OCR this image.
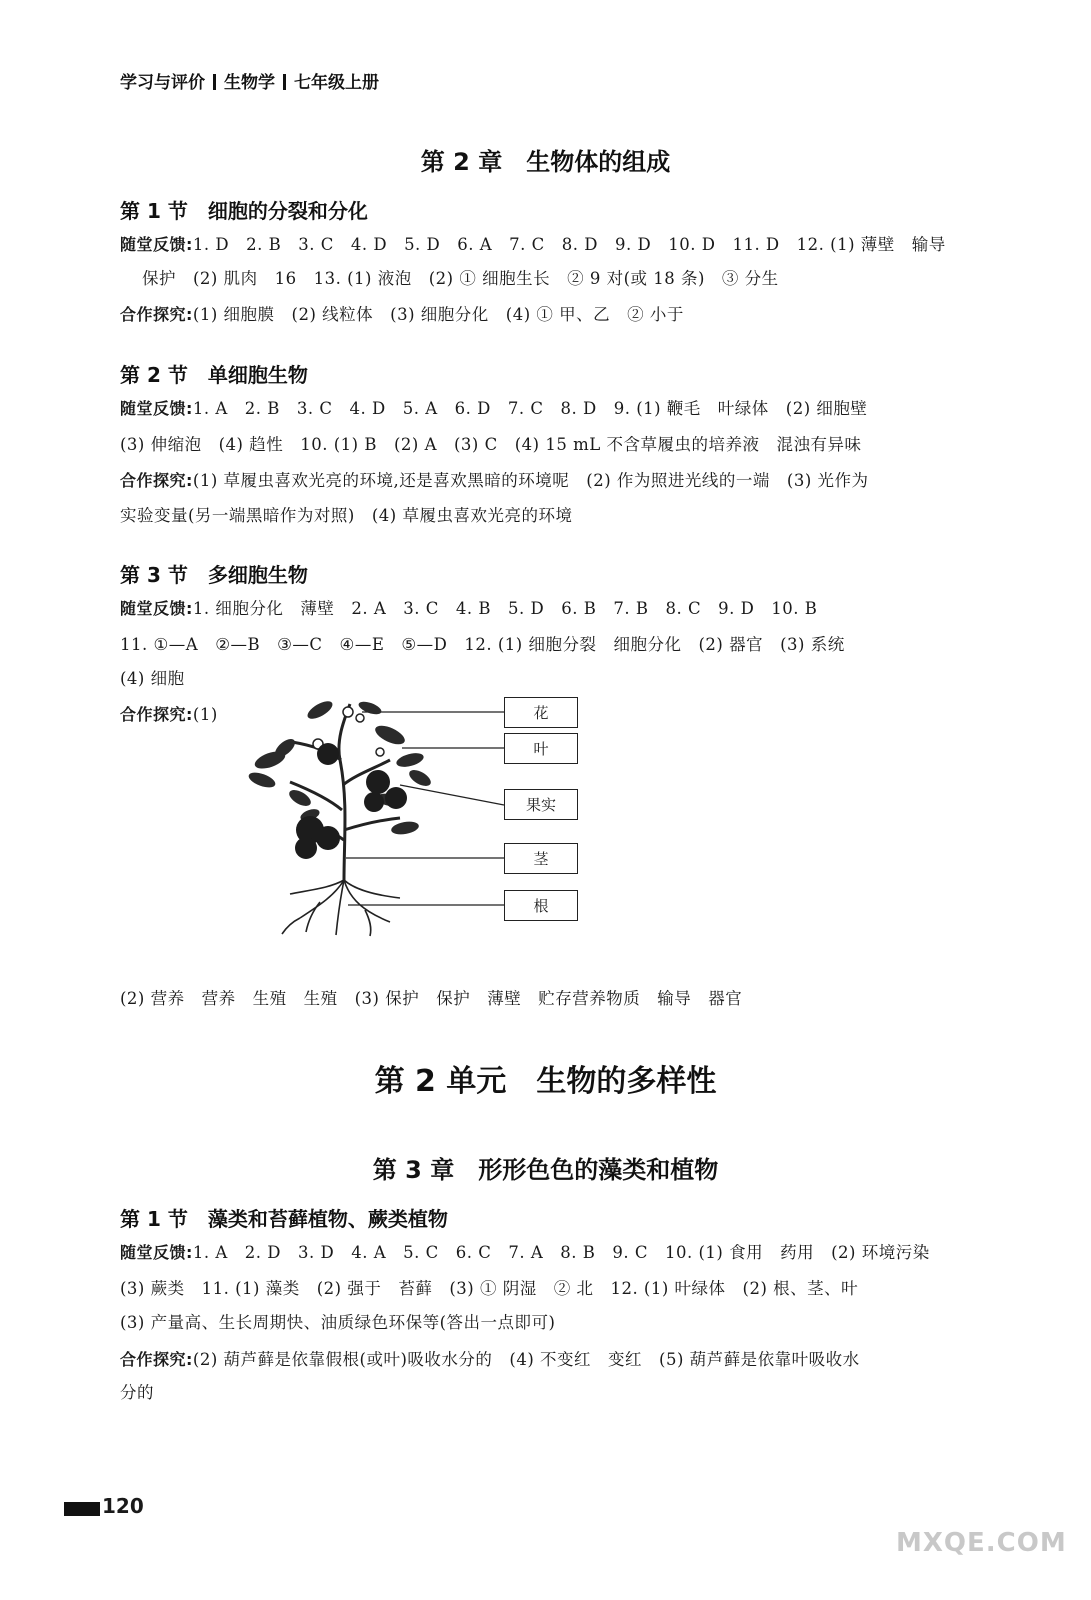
学习与评价 生物学 七年级上册
第 2 章　生物体的组成
第 1 节　细胞的分裂和分化
随堂反馈:1. D　2. B　3. C　4. D　5. D　6. A　7. C　8. D　9. D　10. D　11. D　12. (1) 薄壁　输导
保护　(2) 肌肉　16　13. (1) 液泡　(2) ① 细胞生长　② 9 对(或 18 条)　③ 分生
合作探究:(1) 细胞膜　(2) 线粒体　(3) 细胞分化　(4) ① 甲、乙　② 小于
第 2 节　单细胞生物
随堂反馈:1. A　2. B　3. C　4. D　5. A　6. D　7. C　8. D　9. (1) 鞭毛　叶绿体　(2) 细胞壁
(3) 伸缩泡　(4) 趋性　10. (1) B　(2) A　(3) C　(4) 15 mL 不含草履虫的培养液　混浊有异味
合作探究:(1) 草履虫喜欢光亮的环境,还是喜欢黑暗的环境呢　(2) 作为照进光线的一端　(3) 光作为
实验变量(另一端黑暗作为对照)　(4) 草履虫喜欢光亮的环境
第 3 节　多细胞生物
随堂反馈:1. 细胞分化　薄壁　2. A　3. C　4. B　5. D　6. B　7. B　8. C　9. D　10. B
11. ①—A　②—B　③—C　④—E　⑤—D　12. (1) 细胞分裂　细胞分化　(2) 器官　(3) 系统
(4) 细胞
合作探究:(1)	花
叶
果实
茎
根
(2) 营养　营养　生殖　生殖　(3) 保护　保护　薄壁　贮存营养物质　输导　器官
第 2 单元　生物的多样性
第 3 章　形形色色的藻类和植物
第 1 节　藻类和苔藓植物、蕨类植物
随堂反馈:1. A　2. D　3. D　4. A　5. C　6. C　7. A　8. B　9. C　10. (1) 食用　药用　(2) 环境污染
(3) 蕨类　11. (1) 藻类　(2) 强于　苔藓　(3) ① 阴湿　② 北　12. (1) 叶绿体　(2) 根、茎、叶
(3) 产量高、生长周期快、油质绿色环保等(答出一点即可)
合作探究:(2) 葫芦藓是依靠假根(或叶)吸收水分的　(4) 不变红　变红　(5) 葫芦藓是依靠叶吸收水
分的
120
MXQE.COM
